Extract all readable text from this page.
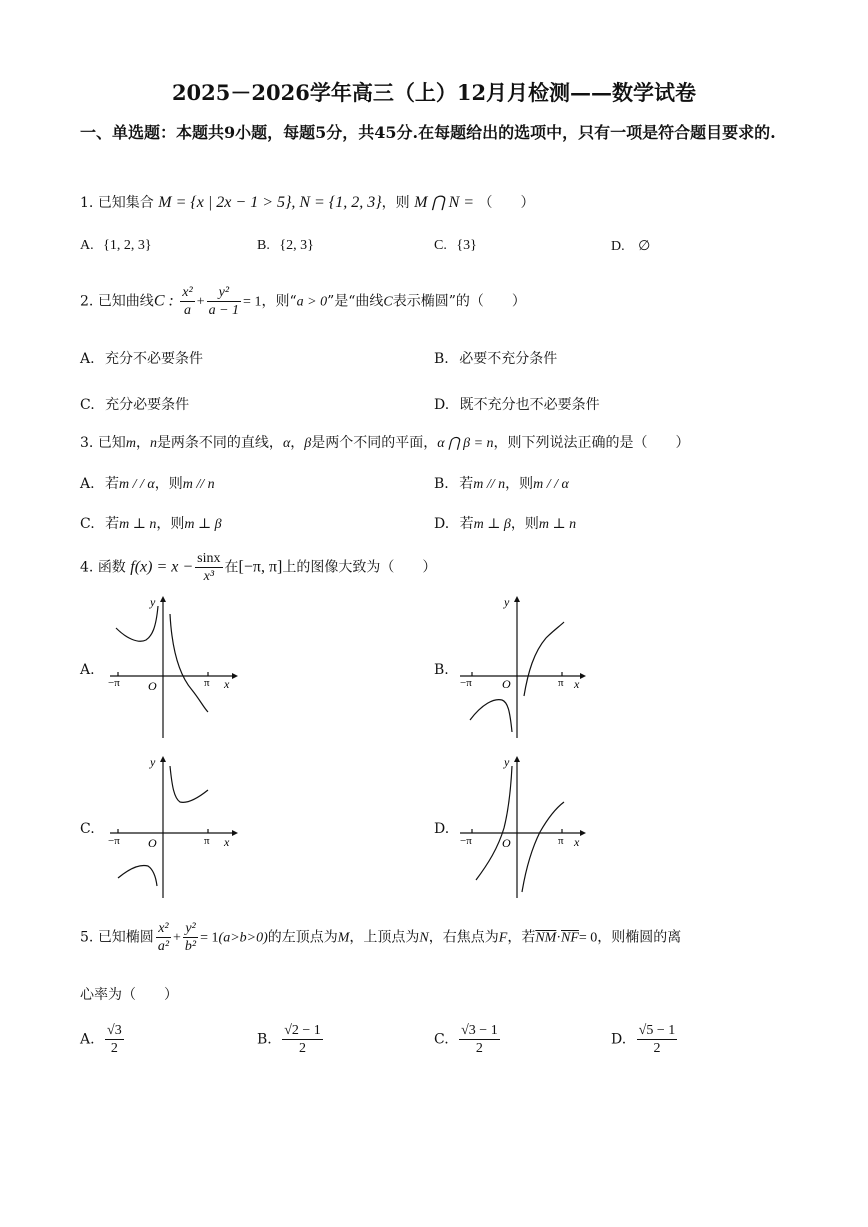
2025－2026学年高三（上）12月月检测——数学试卷
一、单选题：本题共9小题，每题5分，共45分.在每题给出的选项中，只有一项是符合题目要求的.
1. 已知集合 M = {x | 2x − 1 > 5}, N = {1, 2, 3}，则 M ⋂ N = （　　）
A. {1, 2, 3}	B. {2, 3}	C. {3}	D. ∅
2. 已知曲线C : $\frac{\text{x²}}{a} + \frac{\text{y²}}{a - 1} = 1$，则“a > 0”是“曲线C表示椭圆”的（　　）
A. 充分不必要条件	B. 必要不充分条件
C. 充分必要条件	D. 既不充分也不必要条件
3. 已知m，n是两条不同的直线，α，β是两个不同的平面，α ⋂ β = n，则下列说法正确的是（　　）
A. 若m / / α，则m // n	B. 若m // n，则m / / α
C. 若m ⊥ n，则m ⊥ β	D. 若m ⊥ β，则m ⊥ n
4. 函数 $f(x) = x - \frac{\sin x}{\text{x³}}$ 在[−π, π]上的图像大致为（　　）
A.	B.
C.	D.
y
x
O
−π	π
y
x
O
−π	π
y
x
O
−π	π
y
x
O
−π	π
5. 已知椭圆 $\frac{\text{x²}}{\text{a²}} + \frac{\text{y²}}{\text{b²}} = 1(a>b>0)$的左顶点为M，上顶点为N，右焦点为F，若$\overline{NM}\cdot\overline{NF}= 0$，则椭圆的离
心率为（　　）
A. $\frac{√3}{2}$	B. $\frac{√2 - 1}{2}$	C. $\frac{√3 - 1}{2}$	D. $\frac{√5 - 1}{2}$
